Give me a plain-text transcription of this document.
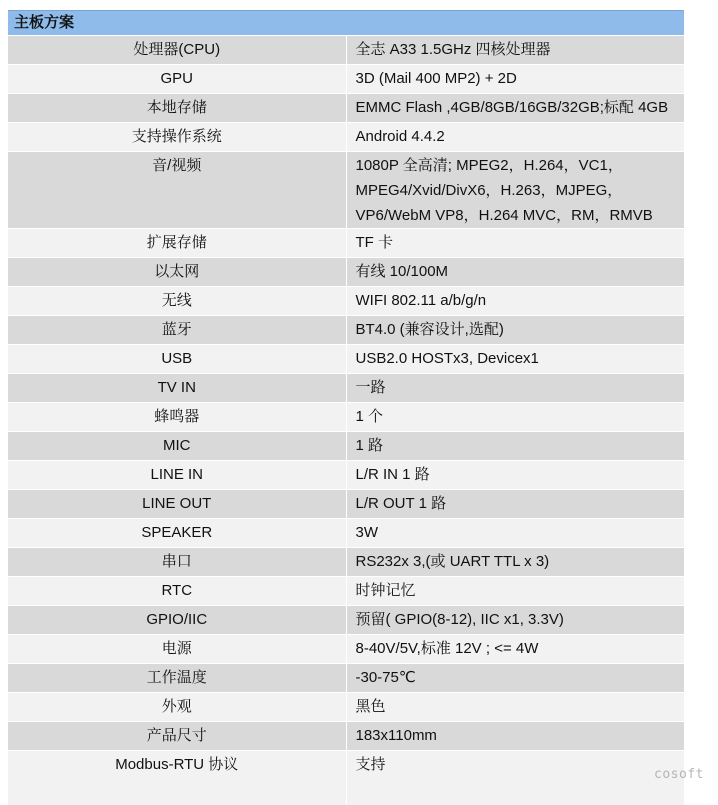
主板方案	
处理器(CPU)	全志 A33 1.5GHz 四核处理器
GPU	3D (Mail 400 MP2) + 2D
本地存储	EMMC Flash ,4GB/8GB/16GB/32GB;标配 4GB
支持操作系统	Android 4.4.2
音/视频	1080P 全高清; MPEG2，H.264，VC1，MPEG4/Xvid/DivX6，H.263，MJPEG，VP6/WebM VP8，H.264 MVC，RM，RMVB
扩展存储	TF 卡
以太网	有线 10/100M
无线	WIFI 802.11 a/b/g/n
蓝牙	BT4.0 (兼容设计,选配)
USB	USB2.0 HOSTx3, Devicex1
TV IN	一路
蜂鸣器	1 个
MIC	1 路
LINE IN	L/R IN 1 路
LINE OUT	L/R OUT 1 路
SPEAKER	3W
串口	RS232x 3,(或 UART TTL x 3)
RTC	时钟记忆
GPIO/IIC	预留( GPIO(8-12), IIC x1, 3.3V)
电源	8-40V/5V,标准 12V ; <= 4W
工作温度	-30-75℃
外观	黑色
产品尺寸	183x110mm
Modbus-RTU 协议	支持
cosoft
